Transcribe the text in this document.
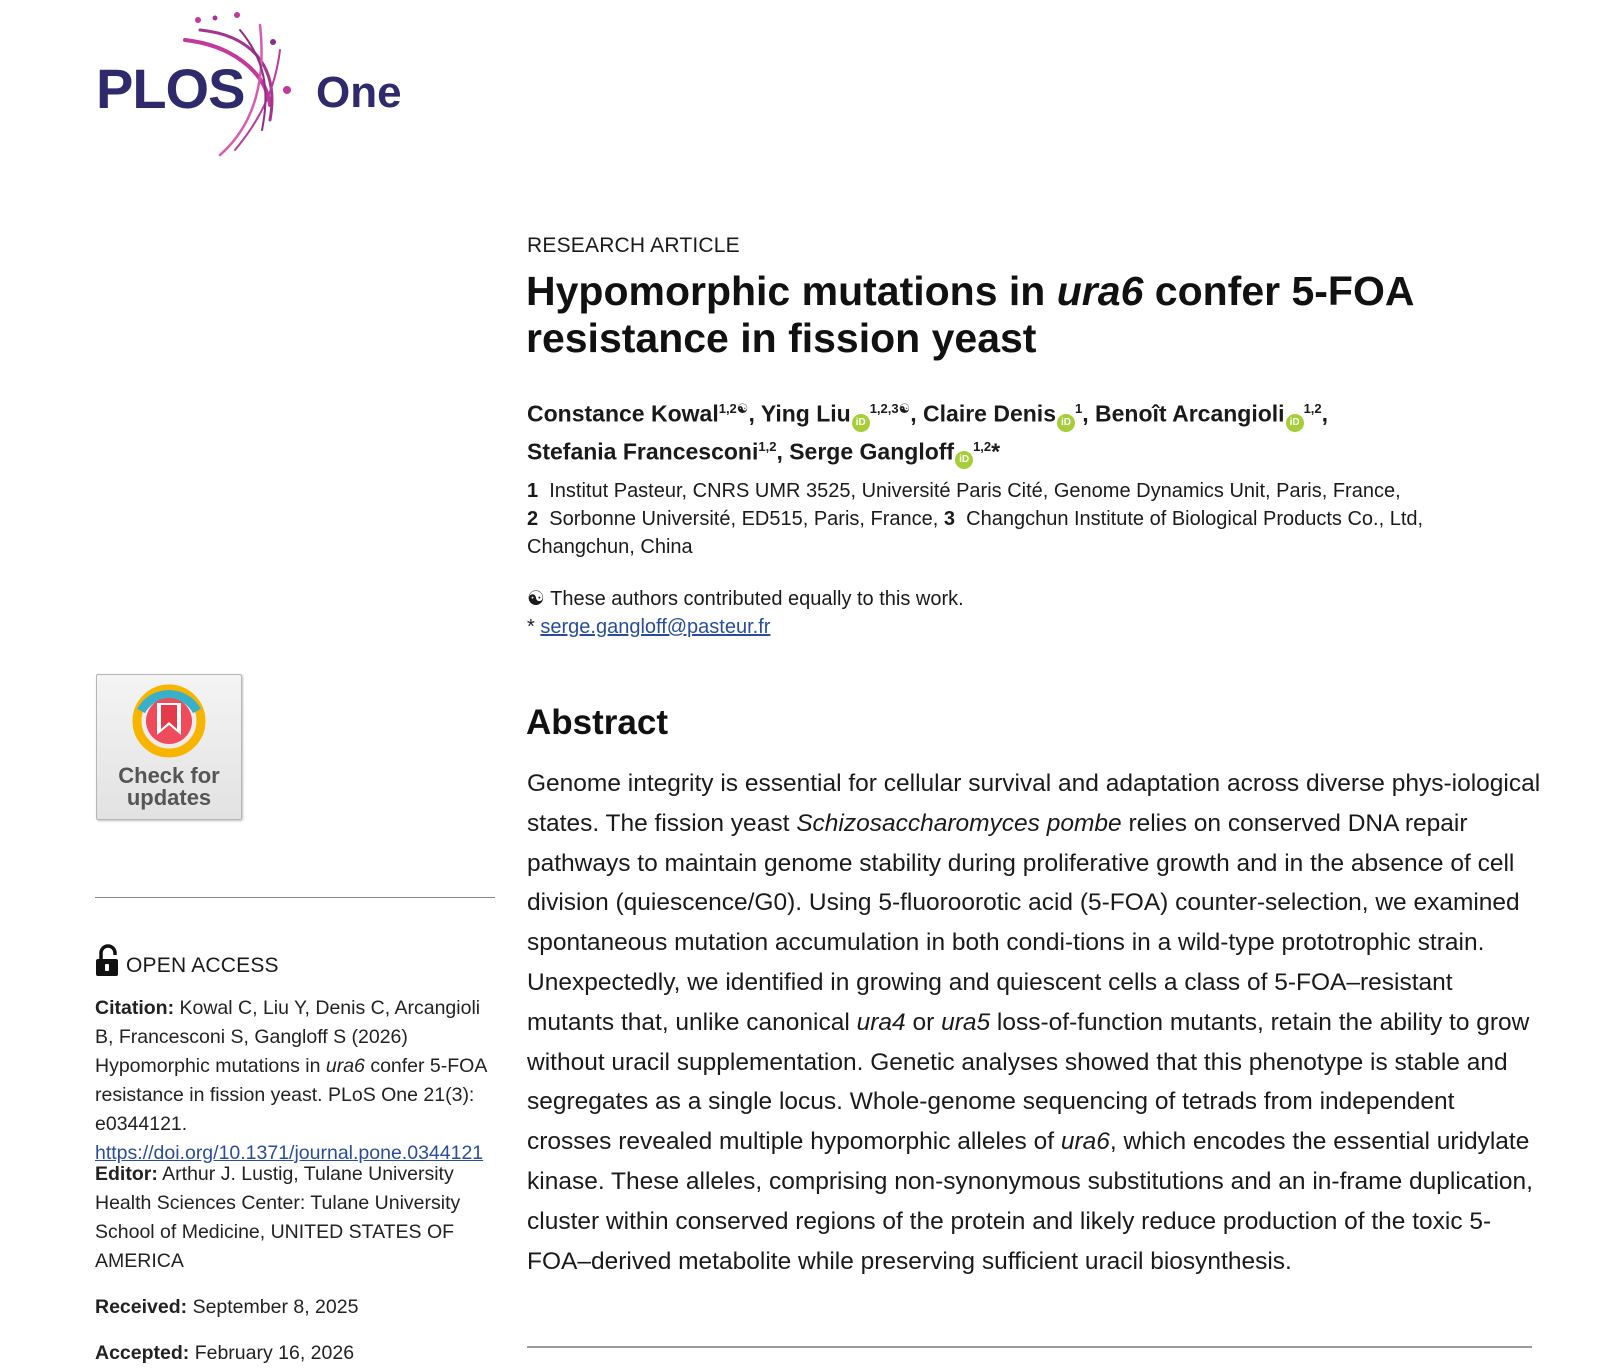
PLOS One
Check for
updates
OPEN ACCESS
Citation: Kowal C, Liu Y, Denis C, Arcangioli B, Francesconi S, Gangloff S (2026) Hypomorphic mutations in ura6 confer 5-FOA resistance in fission yeast. PLoS One 21(3): e0344121. https://doi.org/10.1371/journal.pone.0344121
Editor: Arthur J. Lustig, Tulane University Health Sciences Center: Tulane University School of Medicine, UNITED STATES OF AMERICA
Received: September 8, 2025
Accepted: February 16, 2026
RESEARCH ARTICLE
Hypomorphic mutations in ura6 confer 5-FOA resistance in fission yeast
Constance Kowal$^{1,2☯}$, Ying Liu $iD^{1,2,3☯}$, Claire Denis $iD^1$, Benoît Arcangioli iD$^{1,2}$,
Stefania Francesconi$^{1,2}$, Serge Gangloff iD$^{1,2}$*
1 Institut Pasteur, CNRS UMR 3525, Université Paris Cité, Genome Dynamics Unit, Paris, France,
2 Sorbonne Université, ED515, Paris, France, 3 Changchun Institute of Biological Products Co., Ltd, Changchun, China
☯ These authors contributed equally to this work.
* serge.gangloff@pasteur.fr
Abstract
Genome integrity is essential for cellular survival and adaptation across diverse phys-iological states. The fission yeast Schizosaccharomyces pombe relies on conserved DNA repair pathways to maintain genome stability during proliferative growth and in the absence of cell division (quiescence/G0). Using 5-fluoroorotic acid (5-FOA) counter-selection, we examined spontaneous mutation accumulation in both condi-tions in a wild-type prototrophic strain. Unexpectedly, we identified in growing and quiescent cells a class of 5-FOA–resistant mutants that, unlike canonical ura4 or ura5 loss-of-function mutants, retain the ability to grow without uracil supplementation. Genetic analyses showed that this phenotype is stable and segregates as a single locus. Whole-genome sequencing of tetrads from independent crosses revealed multiple hypomorphic alleles of ura6, which encodes the essential uridylate kinase. These alleles, comprising non-synonymous substitutions and an in-frame duplication, cluster within conserved regions of the protein and likely reduce production of the toxic 5-FOA–derived metabolite while preserving sufficient uracil biosynthesis.
